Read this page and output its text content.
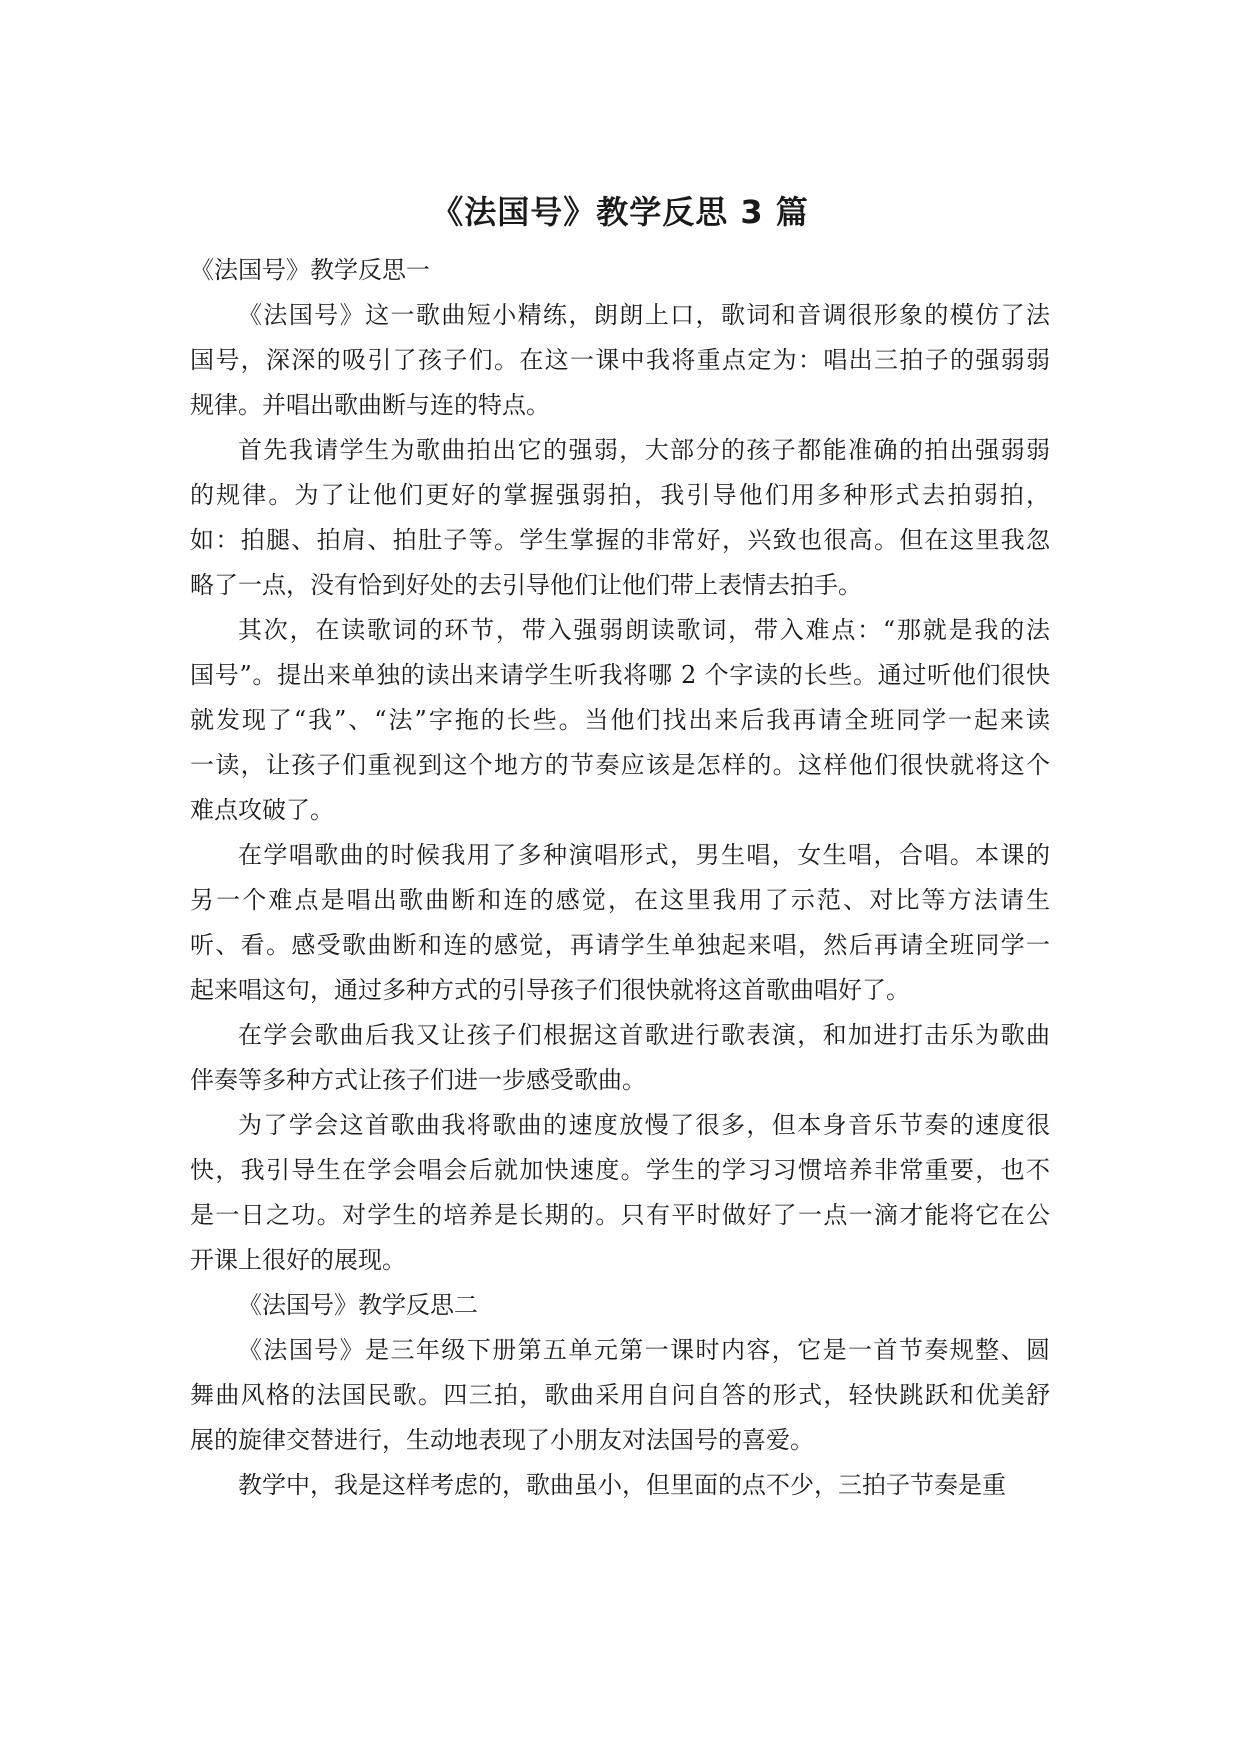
《法国号》教学反思 3 篇
《法国号》教学反思一
《法国号》这一歌曲短小精练，朗朗上口，歌词和音调很形象的模仿了法
国号，深深的吸引了孩子们。在这一课中我将重点定为：唱出三拍子的强弱弱
规律。并唱出歌曲断与连的特点。
首先我请学生为歌曲拍出它的强弱，大部分的孩子都能准确的拍出强弱弱
的规律。为了让他们更好的掌握强弱拍，我引导他们用多种形式去拍弱拍，
如：拍腿、拍肩、拍肚子等。学生掌握的非常好，兴致也很高。但在这里我忽
略了一点，没有恰到好处的去引导他们让他们带上表情去拍手。
其次，在读歌词的环节，带入强弱朗读歌词，带入难点：“那就是我的法
国号”。提出来单独的读出来请学生听我将哪 2 个字读的长些。通过听他们很快
就发现了“我”、“法”字拖的长些。当他们找出来后我再请全班同学一起来读
一读，让孩子们重视到这个地方的节奏应该是怎样的。这样他们很快就将这个
难点攻破了。
在学唱歌曲的时候我用了多种演唱形式，男生唱，女生唱，合唱。本课的
另一个难点是唱出歌曲断和连的感觉，在这里我用了示范、对比等方法请生
听、看。感受歌曲断和连的感觉，再请学生单独起来唱，然后再请全班同学一
起来唱这句，通过多种方式的引导孩子们很快就将这首歌曲唱好了。
在学会歌曲后我又让孩子们根据这首歌进行歌表演，和加进打击乐为歌曲
伴奏等多种方式让孩子们进一步感受歌曲。
为了学会这首歌曲我将歌曲的速度放慢了很多，但本身音乐节奏的速度很
快，我引导生在学会唱会后就加快速度。学生的学习习惯培养非常重要，也不
是一日之功。对学生的培养是长期的。只有平时做好了一点一滴才能将它在公
开课上很好的展现。
《法国号》教学反思二
《法国号》是三年级下册第五单元第一课时内容，它是一首节奏规整、圆
舞曲风格的法国民歌。四三拍，歌曲采用自问自答的形式，轻快跳跃和优美舒
展的旋律交替进行，生动地表现了小朋友对法国号的喜爱。
教学中，我是这样考虑的，歌曲虽小，但里面的点不少，三拍子节奏是重
